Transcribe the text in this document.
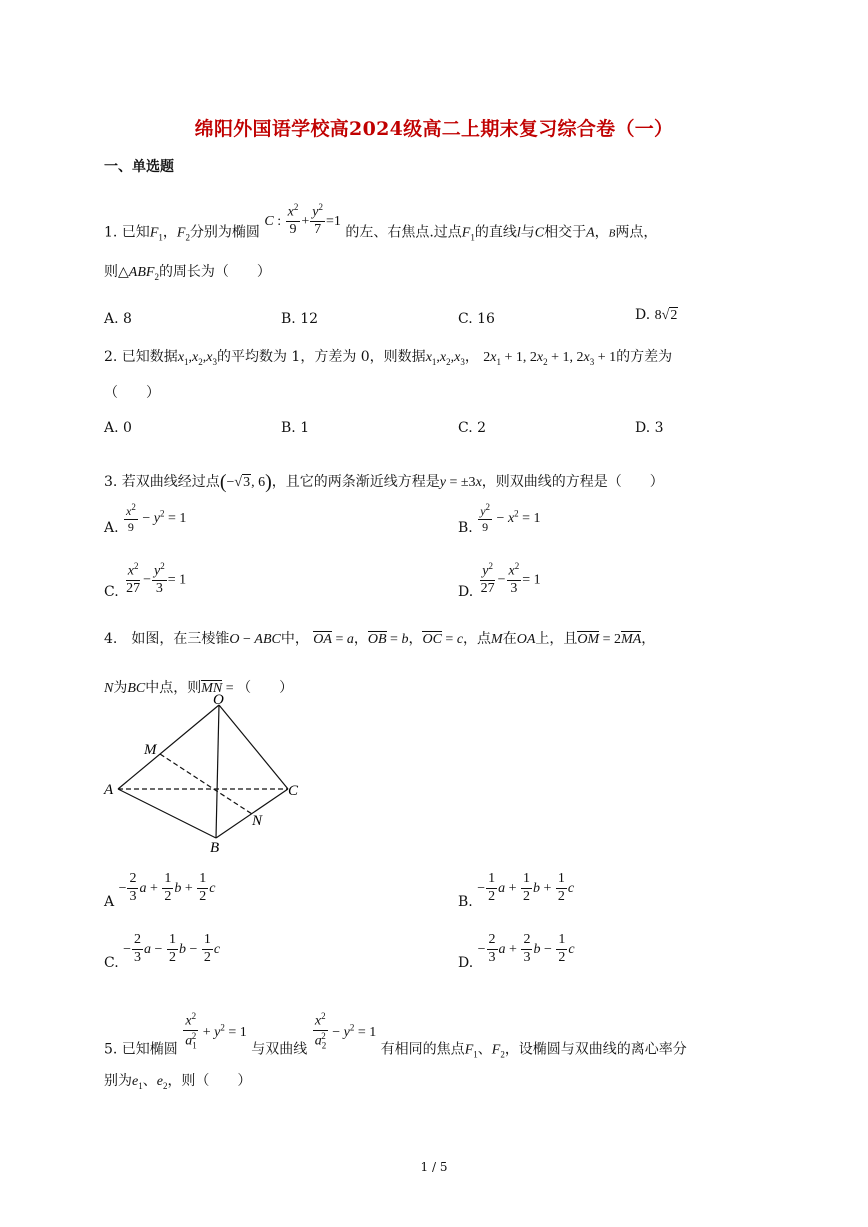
绵阳外国语学校高2024级高二上期末复习综合卷（一）
一、单选题
1. 已知$F_1$，$F_2$分别为椭圆 C : $\frac{x^2}{9} + \frac{y^2}{7} =1$ 的左、右焦点.过点$F_1$的直线l与C相交于A，B两点，
则$\triangle ABF_2$的周长为（　　）
A. 8	B. 12	C. 16	D. 8√2
2. 已知数据$x_1,x_2,x_3$的平均数为 1，方差为 0，则数据$x_1,x_2,x_3$， $2x_1 + 1$, $2x_2 + 1$, $2x_3 + 1$的方差为
（　　）
A. 0	B. 1	C. 2	D. 3
3. 若双曲线经过点(−√3, 6)，且它的两条渐近线方程是y = ±3x，则双曲线的方程是（　　）
A. $\frac{x^2}{9} - y^2 = 1$
B. $\frac{y^2}{9} - x^2 = 1$
C. $\frac{x^2}{27} - \frac{y^2}{3} = 1$
D. $\frac{y^2}{27} - \frac{x^2}{3} = 1$
4.　如图，在三棱锥O − ABC中， OA = a，OB = b，OC = c，点M在OA上，且OM = 2MA，
N为BC中点，则MN = （　　）
O
M
A	C
N
B
$A - \frac{2}{3}$ $a + \frac{1}{2}$ $b + \frac{1}{2}$ c
B. − $\frac{1}{2}$ $a + \frac{1}{2}$ $b + \frac{1}{2}$ c
C. − $\frac{2}{3}$ $a - \frac{1}{2}$ $b - \frac{1}{2}$ c
D. − $\frac{2}{3}$ $a + \frac{2}{3}$ $b - \frac{1}{2}$ c
5. 已知椭圆 $\frac{x^2}{a_1^2} + y^2 = 1$ 与双曲线 $\frac{x^2}{a_2^2} - y^2 = 1$ 有相同的焦点$F_1$、$F_2$，设椭圆与双曲线的离心率分
别为$e_1$、$e_2$，则（　　）
1 / 5
